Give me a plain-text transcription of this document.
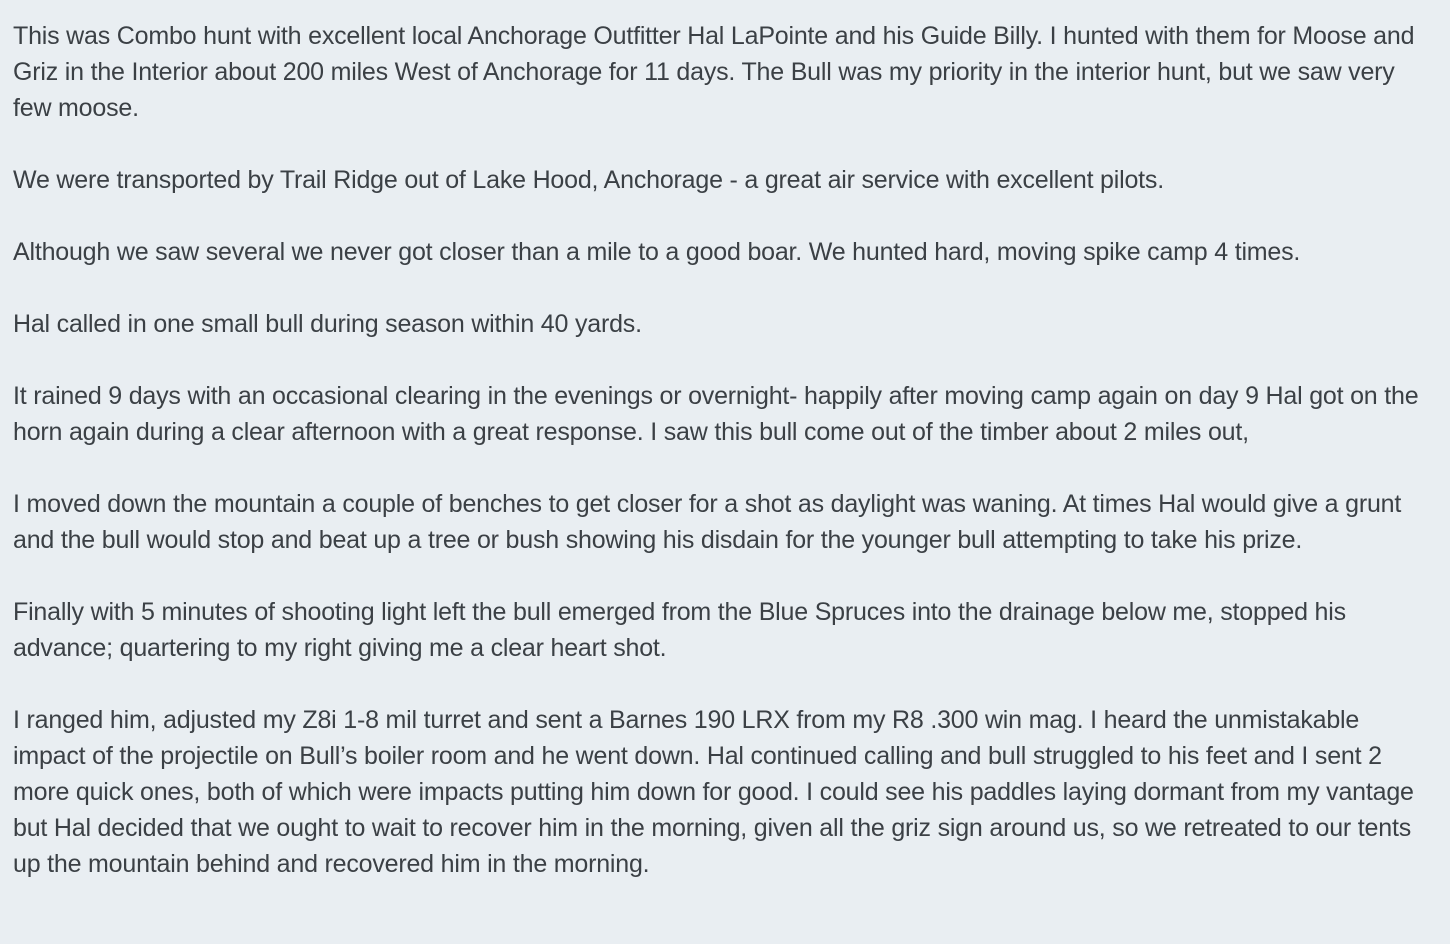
This was Combo hunt with excellent local Anchorage Outfitter Hal LaPointe and his Guide Billy. I hunted with them for Moose and Griz in the Interior about 200 miles West of Anchorage for 11 days. The Bull was my priority in the interior hunt, but we saw very few moose.

We were transported by Trail Ridge out of Lake Hood, Anchorage - a great air service with excellent pilots.

Although we saw several we never got closer than a mile to a good boar. We hunted hard, moving spike camp 4 times.

Hal called in one small bull during season within 40 yards.

It rained 9 days with an occasional clearing in the evenings or overnight- happily after moving camp again on day 9 Hal got on the horn again during a clear afternoon with a great response. I saw this bull come out of the timber about 2 miles out,

I moved down the mountain a couple of benches to get closer for a shot as daylight was waning. At times Hal would give a grunt and the bull would stop and beat up a tree or bush showing his disdain for the younger bull attempting to take his prize.

Finally with 5 minutes of shooting light left the bull emerged from the Blue Spruces into the drainage below me, stopped his advance; quartering to my right giving me a clear heart shot.

I ranged him, adjusted my Z8i 1-8 mil turret and sent a Barnes 190 LRX from my R8 .300 win mag. I heard the unmistakable impact of the projectile on Bull’s boiler room and he went down. Hal continued calling and bull struggled to his feet and I sent 2 more quick ones, both of which were impacts putting him down for good. I could see his paddles laying dormant from my vantage but Hal decided that we ought to wait to recover him in the morning, given all the griz sign around us, so we retreated to our tents up the mountain behind and recovered him in the morning.
